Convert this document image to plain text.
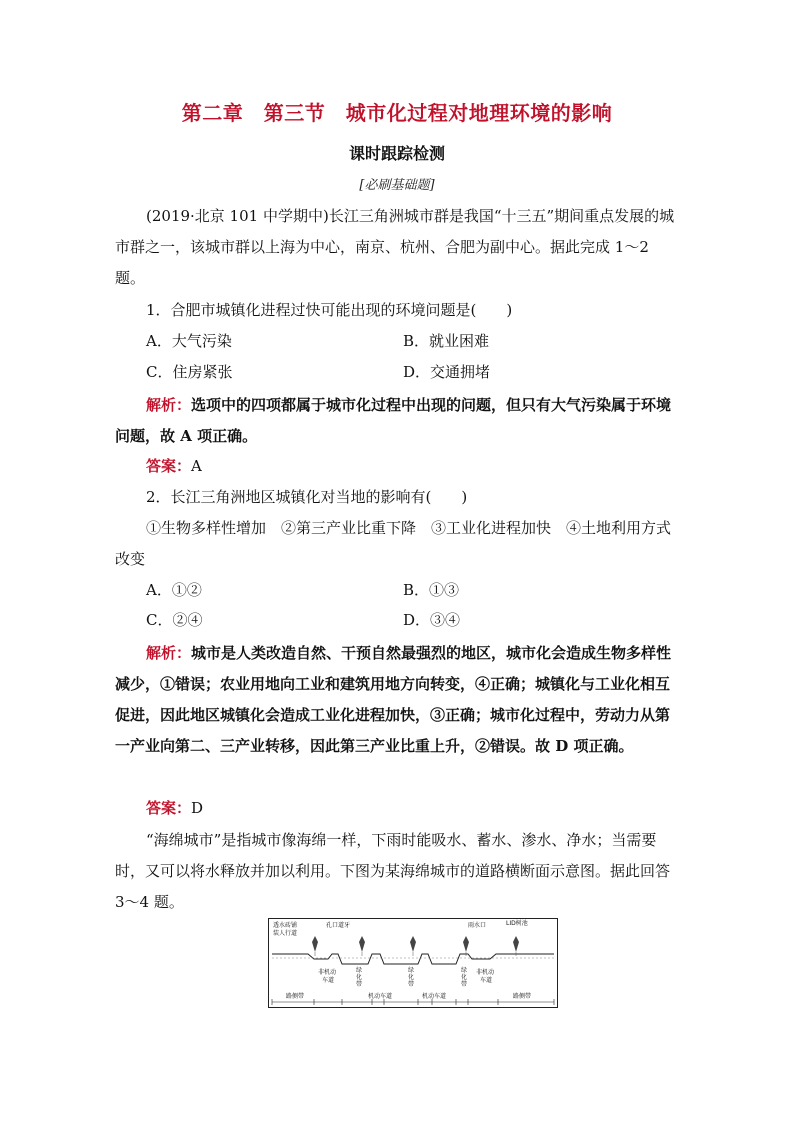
第二章　第三节　城市化过程对地理环境的影响
课时跟踪检测
[必刷基础题]
(2019·北京 101 中学期中)长江三角洲城市群是我国“十三五”期间重点发展的城市群之一，该城市群以上海为中心，南京、杭州、合肥为副中心。据此完成 1～2 题。
1．合肥市城镇化进程过快可能出现的环境问题是(　　)
A．大气污染	B．就业困难
C．住房紧张	D．交通拥堵
解析：选项中的四项都属于城市化过程中出现的问题，但只有大气污染属于环境问题，故 A 项正确。
答案：A
2．长江三角洲地区城镇化对当地的影响有(　　)
①生物多样性增加　②第三产业比重下降　③工业化进程加快　④土地利用方式改变
A．①②	B．①③
C．②④	D．③④
解析：城市是人类改造自然、干预自然最强烈的地区，城市化会造成生物多样性减少，①错误；农业用地向工业和建筑用地方向转变，④正确；城镇化与工业化相互促进，因此地区城镇化会造成工业化进程加快，③正确；城市化过程中，劳动力从第一产业向第二、三产业转移，因此第三产业比重上升，②错误。故 D 项正确。
答案：D
“海绵城市”是指城市像海绵一样，下雨时能吸水、蓄水、渗水、净水；当需要时，又可以将水释放并加以利用。下图为某海绵城市的道路横断面示意图。据此回答 3～4 题。
透水砖铺
装人行道
孔口道牙	雨水口	LID树池
非机动
车道
绿
化
带
绿
化
带
绿
化
带
非机动
车道
路侧带	机动车道	机动车道	路侧带
